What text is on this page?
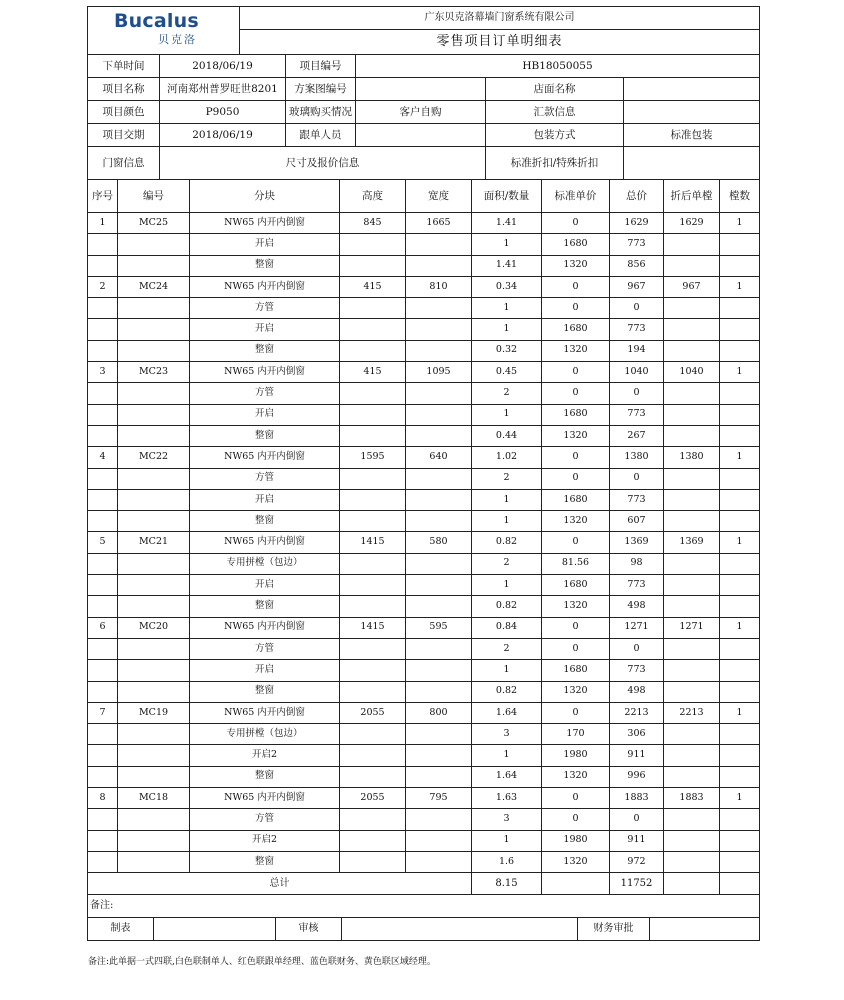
Bucalus
贝克洛
	广东贝克洛幕墙门窗系统有限公司
零售项目订单明细表
下单时间	2018/06/19	项目编号	HB18050055		
项目名称	河南郑州普罗旺世8201	方案图编号		店面名称	
项目颜色	P9050	玻璃购买情况	客户自购	汇款信息	
项目交期	2018/06/19	跟单人员		包装方式	标准包装
门窗信息	尺寸及报价信息			标准折扣/特殊折扣	
序号	编号	分块	高度	宽度	面积/数量	标准单价	总价	折后单樘	樘数
1	MC25	NW65 内开内倒窗	845	1665	1.41	0	1629	1629	1
		开启			1	1680	773		
		整窗			1.41	1320	856		
2	MC24	NW65 内开内倒窗	415	810	0.34	0	967	967	1
		方管			1	0	0		
		开启			1	1680	773		
		整窗			0.32	1320	194		
3	MC23	NW65 内开内倒窗	415	1095	0.45	0	1040	1040	1
		方管			2	0	0		
		开启			1	1680	773		
		整窗			0.44	1320	267		
4	MC22	NW65 内开内倒窗	1595	640	1.02	0	1380	1380	1
		方管			2	0	0		
		开启			1	1680	773		
		整窗			1	1320	607		
5	MC21	NW65 内开内倒窗	1415	580	0.82	0	1369	1369	1
		专用拼樘（包边）			2	81.56	98		
		开启			1	1680	773		
		整窗			0.82	1320	498		
6	MC20	NW65 内开内倒窗	1415	595	0.84	0	1271	1271	1
		方管			2	0	0		
		开启			1	1680	773		
		整窗			0.82	1320	498		
7	MC19	NW65 内开内倒窗	2055	800	1.64	0	2213	2213	1
		专用拼樘（包边）			3	170	306		
		开启2			1	1980	911		
		整窗			1.64	1320	996		
8	MC18	NW65 内开内倒窗	2055	795	1.63	0	1883	1883	1
		方管			3	0	0		
		开启2			1	1980	911		
		整窗			1.6	1320	972		
总计					8.15		11752		
备注:
制表		审核		财务审批	
备注:此单据一式四联,白色联制单人、红色联跟单经理、蓝色联财务、黄色联区域经理。
